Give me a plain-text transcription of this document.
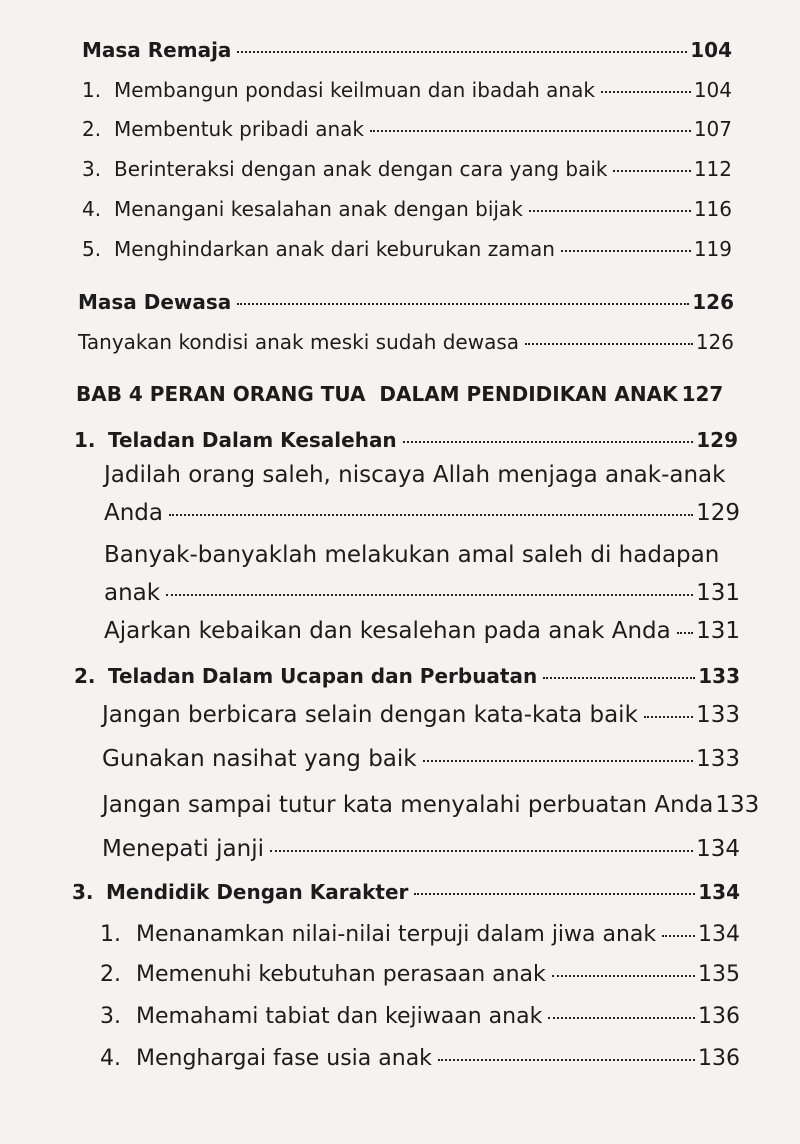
Masa Remaja	104
1. Membangun pondasi keilmuan dan ibadah anak	104
2. Membentuk pribadi anak	107
3. Berinteraksi dengan anak dengan cara yang baik	112
4. Menangani kesalahan anak dengan bijak	116
5. Menghindarkan anak dari keburukan zaman	119
Masa Dewasa	126
Tanyakan kondisi anak meski sudah dewasa	126
BAB 4 PERAN ORANG TUA  DALAM PENDIDIKAN ANAK 127
1. Teladan Dalam Kesalehan	129
Jadilah orang saleh, niscaya Allah menjaga anak-anak
Anda	129
Banyak-banyaklah melakukan amal saleh di hadapan
anak	131
Ajarkan kebaikan dan kesalehan pada anak Anda 131
2. Teladan Dalam Ucapan dan Perbuatan	133
Jangan berbicara selain dengan kata-kata baik	133
Gunakan nasihat yang baik	133
Jangan sampai tutur kata menyalahi perbuatan Anda 133
Menepati janji	134
3. Mendidik Dengan Karakter	134
1. Menanamkan nilai-nilai terpuji dalam jiwa anak 134
2. Memenuhi kebutuhan perasaan anak	135
3. Memahami tabiat dan kejiwaan anak	136
4. Menghargai fase usia anak	136
